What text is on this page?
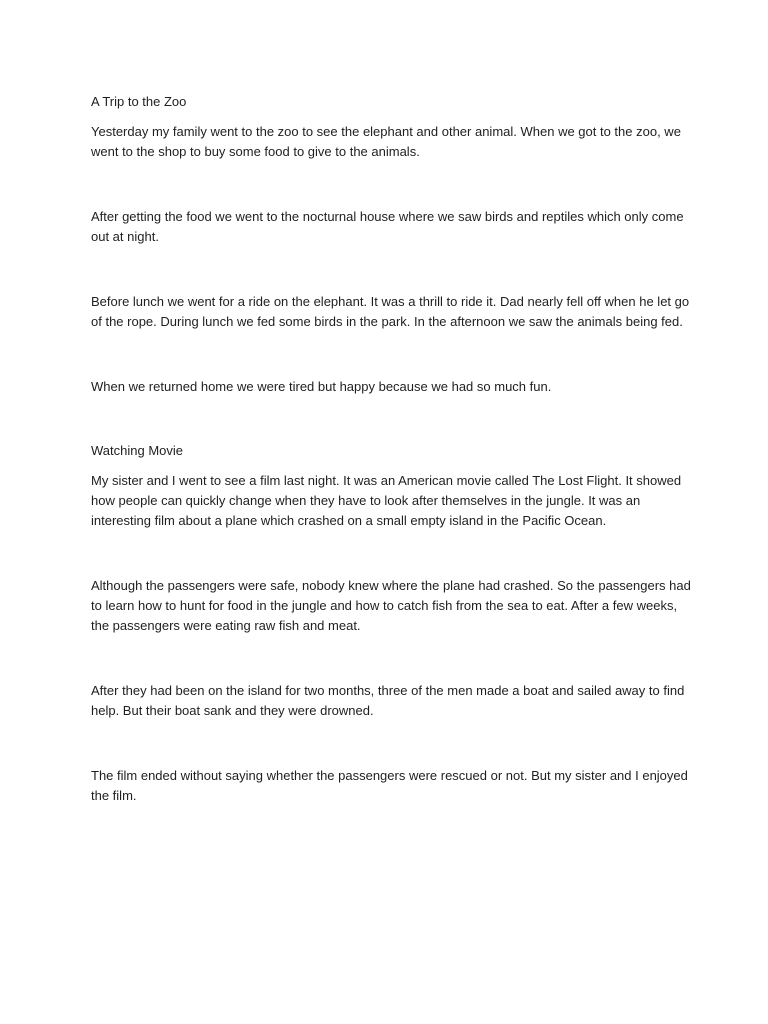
A Trip to the Zoo

Yesterday my family went to the zoo to see the elephant and other animal. When we got to the zoo, we went to the shop to buy some food to give to the animals.

After getting the food we went to the nocturnal house where we saw birds and reptiles which only come out at night.

Before lunch we went for a ride on the elephant. It was a thrill to ride it. Dad nearly fell off when he let go of the rope. During lunch we fed some birds in the park. In the afternoon we saw the animals being fed.

When we returned home we were tired but happy because we had so much fun.

Watching Movie

My sister and I went to see a film last night. It was an American movie called The Lost Flight. It showed how people can quickly change when they have to look after themselves in the jungle. It was an interesting film about a plane which crashed on a small empty island in the Pacific Ocean.

Although the passengers were safe, nobody knew where the plane had crashed. So the passengers had to learn how to hunt for food in the jungle and how to catch fish from the sea to eat. After a few weeks, the passengers were eating raw fish and meat.

After they had been on the island for two months, three of the men made a boat and sailed away to find help. But their boat sank and they were drowned.

The film ended without saying whether the passengers were rescued or not. But my sister and I enjoyed the film.
